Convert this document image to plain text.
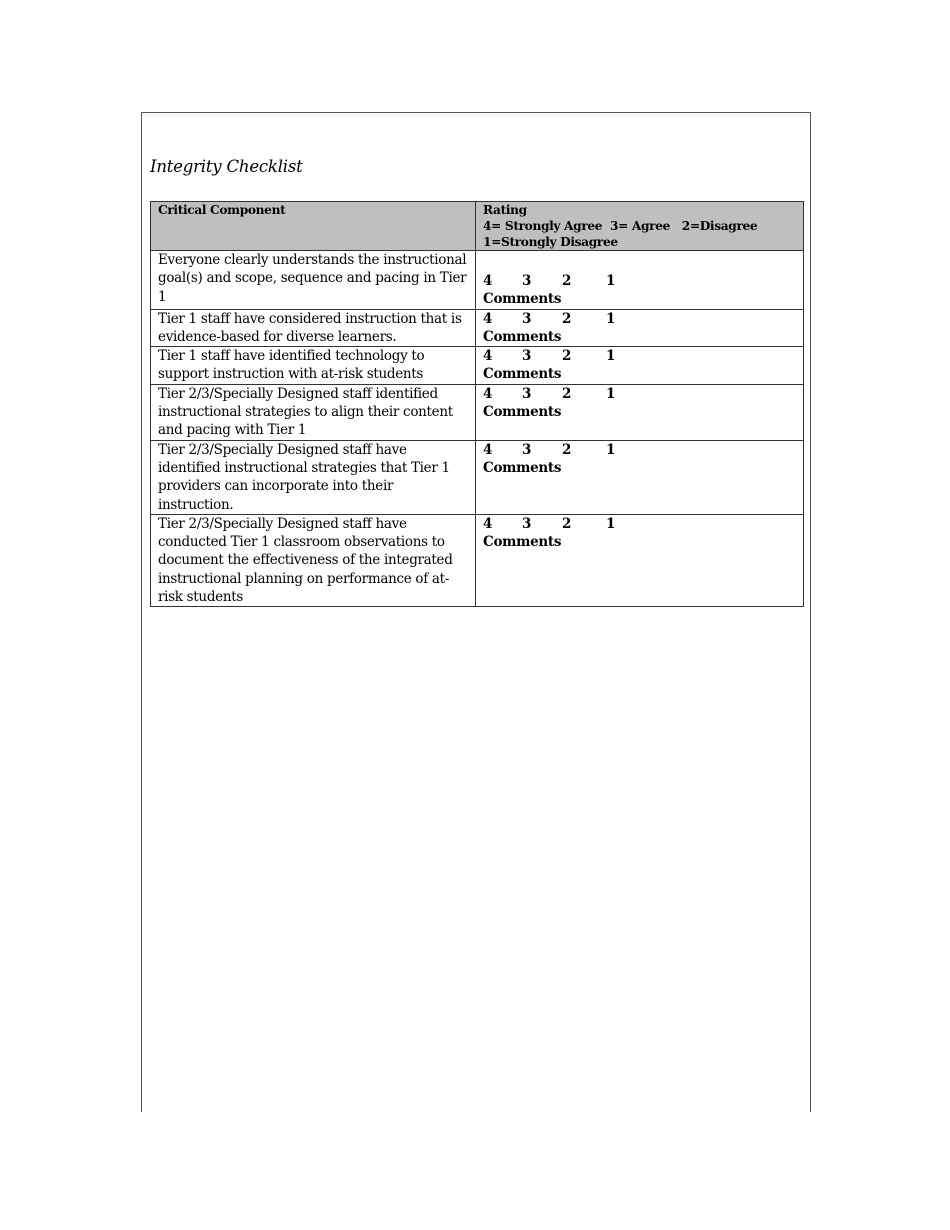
Integrity Checklist
Critical Component	Rating
4= Strongly Agree  3= Agree   2=Disagree
1=Strongly Disagree

Everyone clearly understands the instructional goal(s) and scope, sequence and pacing in Tier 1	4 3 2 1
Comments

Tier 1 staff have considered instruction that is evidence-based for diverse learners.	4 3 2 1
Comments

Tier 1 staff have identified technology to support instruction with at-risk students	4 3 2 1
Comments

Tier 2/3/Specially Designed staff identified instructional strategies to align their content and pacing with Tier 1	4 3 2 1
Comments

Tier 2/3/Specially Designed staff have identified instructional strategies that Tier 1 providers can incorporate into their instruction.	4 3 2 1
Comments

Tier 2/3/Specially Designed staff have conducted Tier 1 classroom observations to document the effectiveness of the integrated instructional planning on performance of at-risk students	4 3 2 1
Comments
